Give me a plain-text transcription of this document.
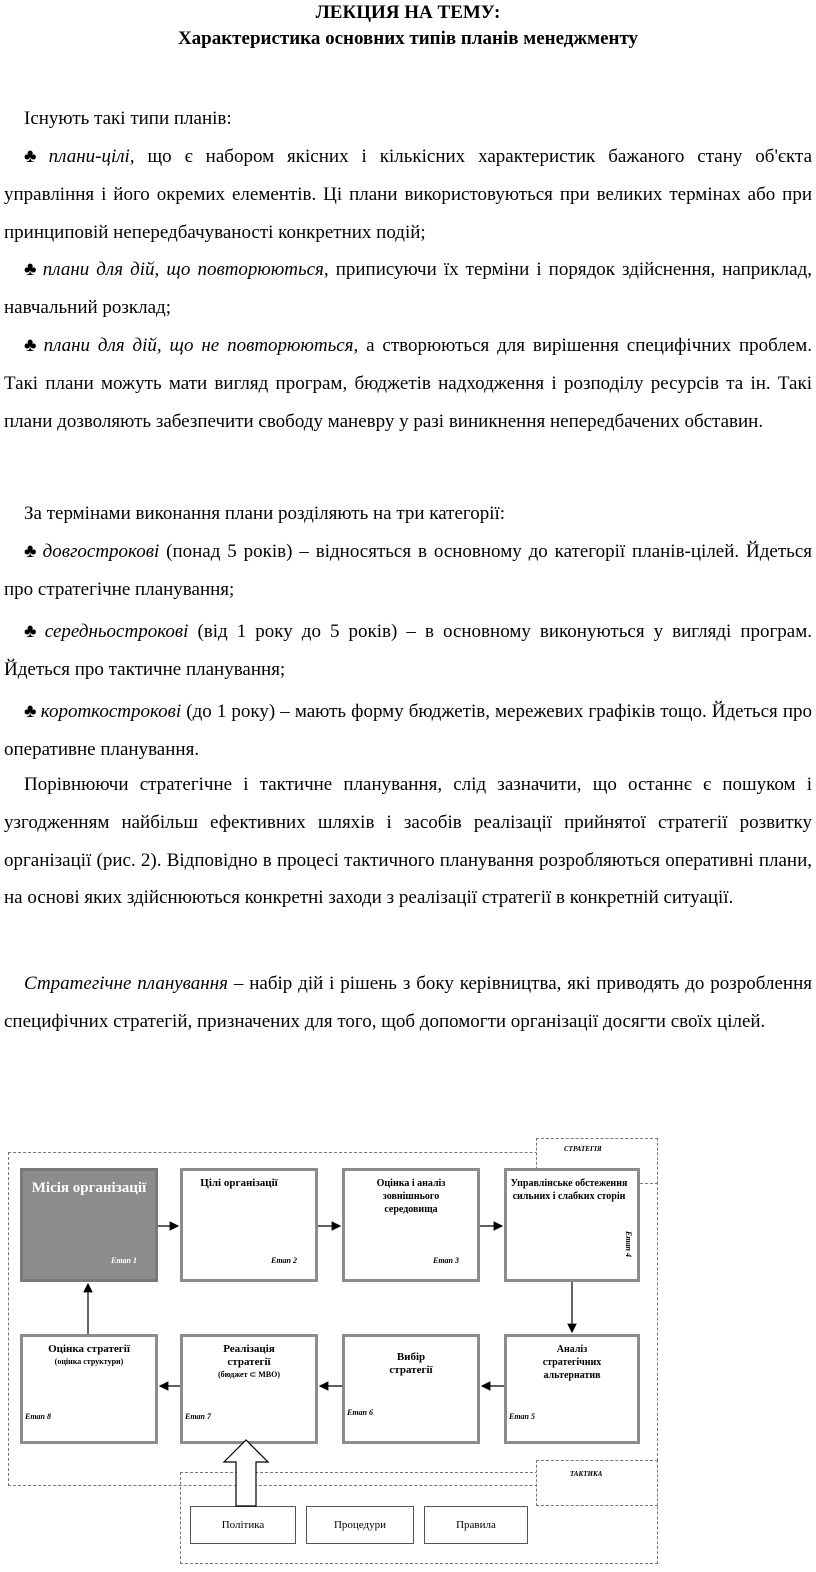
ЛЕКЦИЯ НА ТЕМУ:
Характеристика основних типів планів менеджменту

Існують такі типи планів:

♣ плани-цілі, що є набором якісних і кількісних характеристик бажаного стану об'єкта управління і його окремих елементів. Ці плани використовуються при великих термінах або при принциповій непередбачуваності конкретних подій;

♣ плани для дій, що повторюються, приписуючи їх терміни і порядок здійснення, наприклад, навчальний розклад;

♣ плани для дій, що не повторюються, а створюються для вирішення специфічних проблем. Такі плани можуть мати вигляд програм, бюджетів надходження і розподілу ресурсів та ін. Такі плани дозволяють забезпечити свободу маневру у разі виникнення непередбачених обставин.

За термінами виконання плани розділяють на три категорії:

♣ довгострокові (понад 5 років) – відносяться в основному до категорії планів-цілей. Йдеться про стратегічне планування;

♣ середньострокові (від 1 року до 5 років) – в основному виконуються у вигляді програм. Йдеться про тактичне планування;

♣ короткострокові (до 1 року) – мають форму бюджетів, мережевих графіків тощо. Йдеться про оперативне планування.

Порівнюючи стратегічне і тактичне планування, слід зазначити, що останнє є пошуком і узгодженням найбільш ефективних шляхів і засобів реалізації прийнятої стратегії розвитку організації (рис. 2). Відповідно в процесі тактичного планування розробляються оперативні плани, на основі яких здійснюються конкретні заходи з реалізації стратегії в конкретній ситуації.

Стратегічне планування – набір дій і рішень з боку керівництва, які приводять до розроблення специфічних стратегій, призначених для того, щоб допомогти організації досягти своїх цілей.

СТРАТЕГІЯ
ТАКТИКА
Місія організації
Етап 1
Цілі організації
Етап 2
Оцінка і аналіз зовнішнього середовища
Етап 3
Управлінське обстеження сильних і слабких сторін
Етап 4
Аналіз стратегічних альтернатив
Етап 5
Вибір стратегії
Етап 6
Реалізація стратегії
(бюджет ⊂ МВО)
Етап 7
Оцінка стратегії
(оцінка структури)
Етап 8
Політика	Процедури	Правила
